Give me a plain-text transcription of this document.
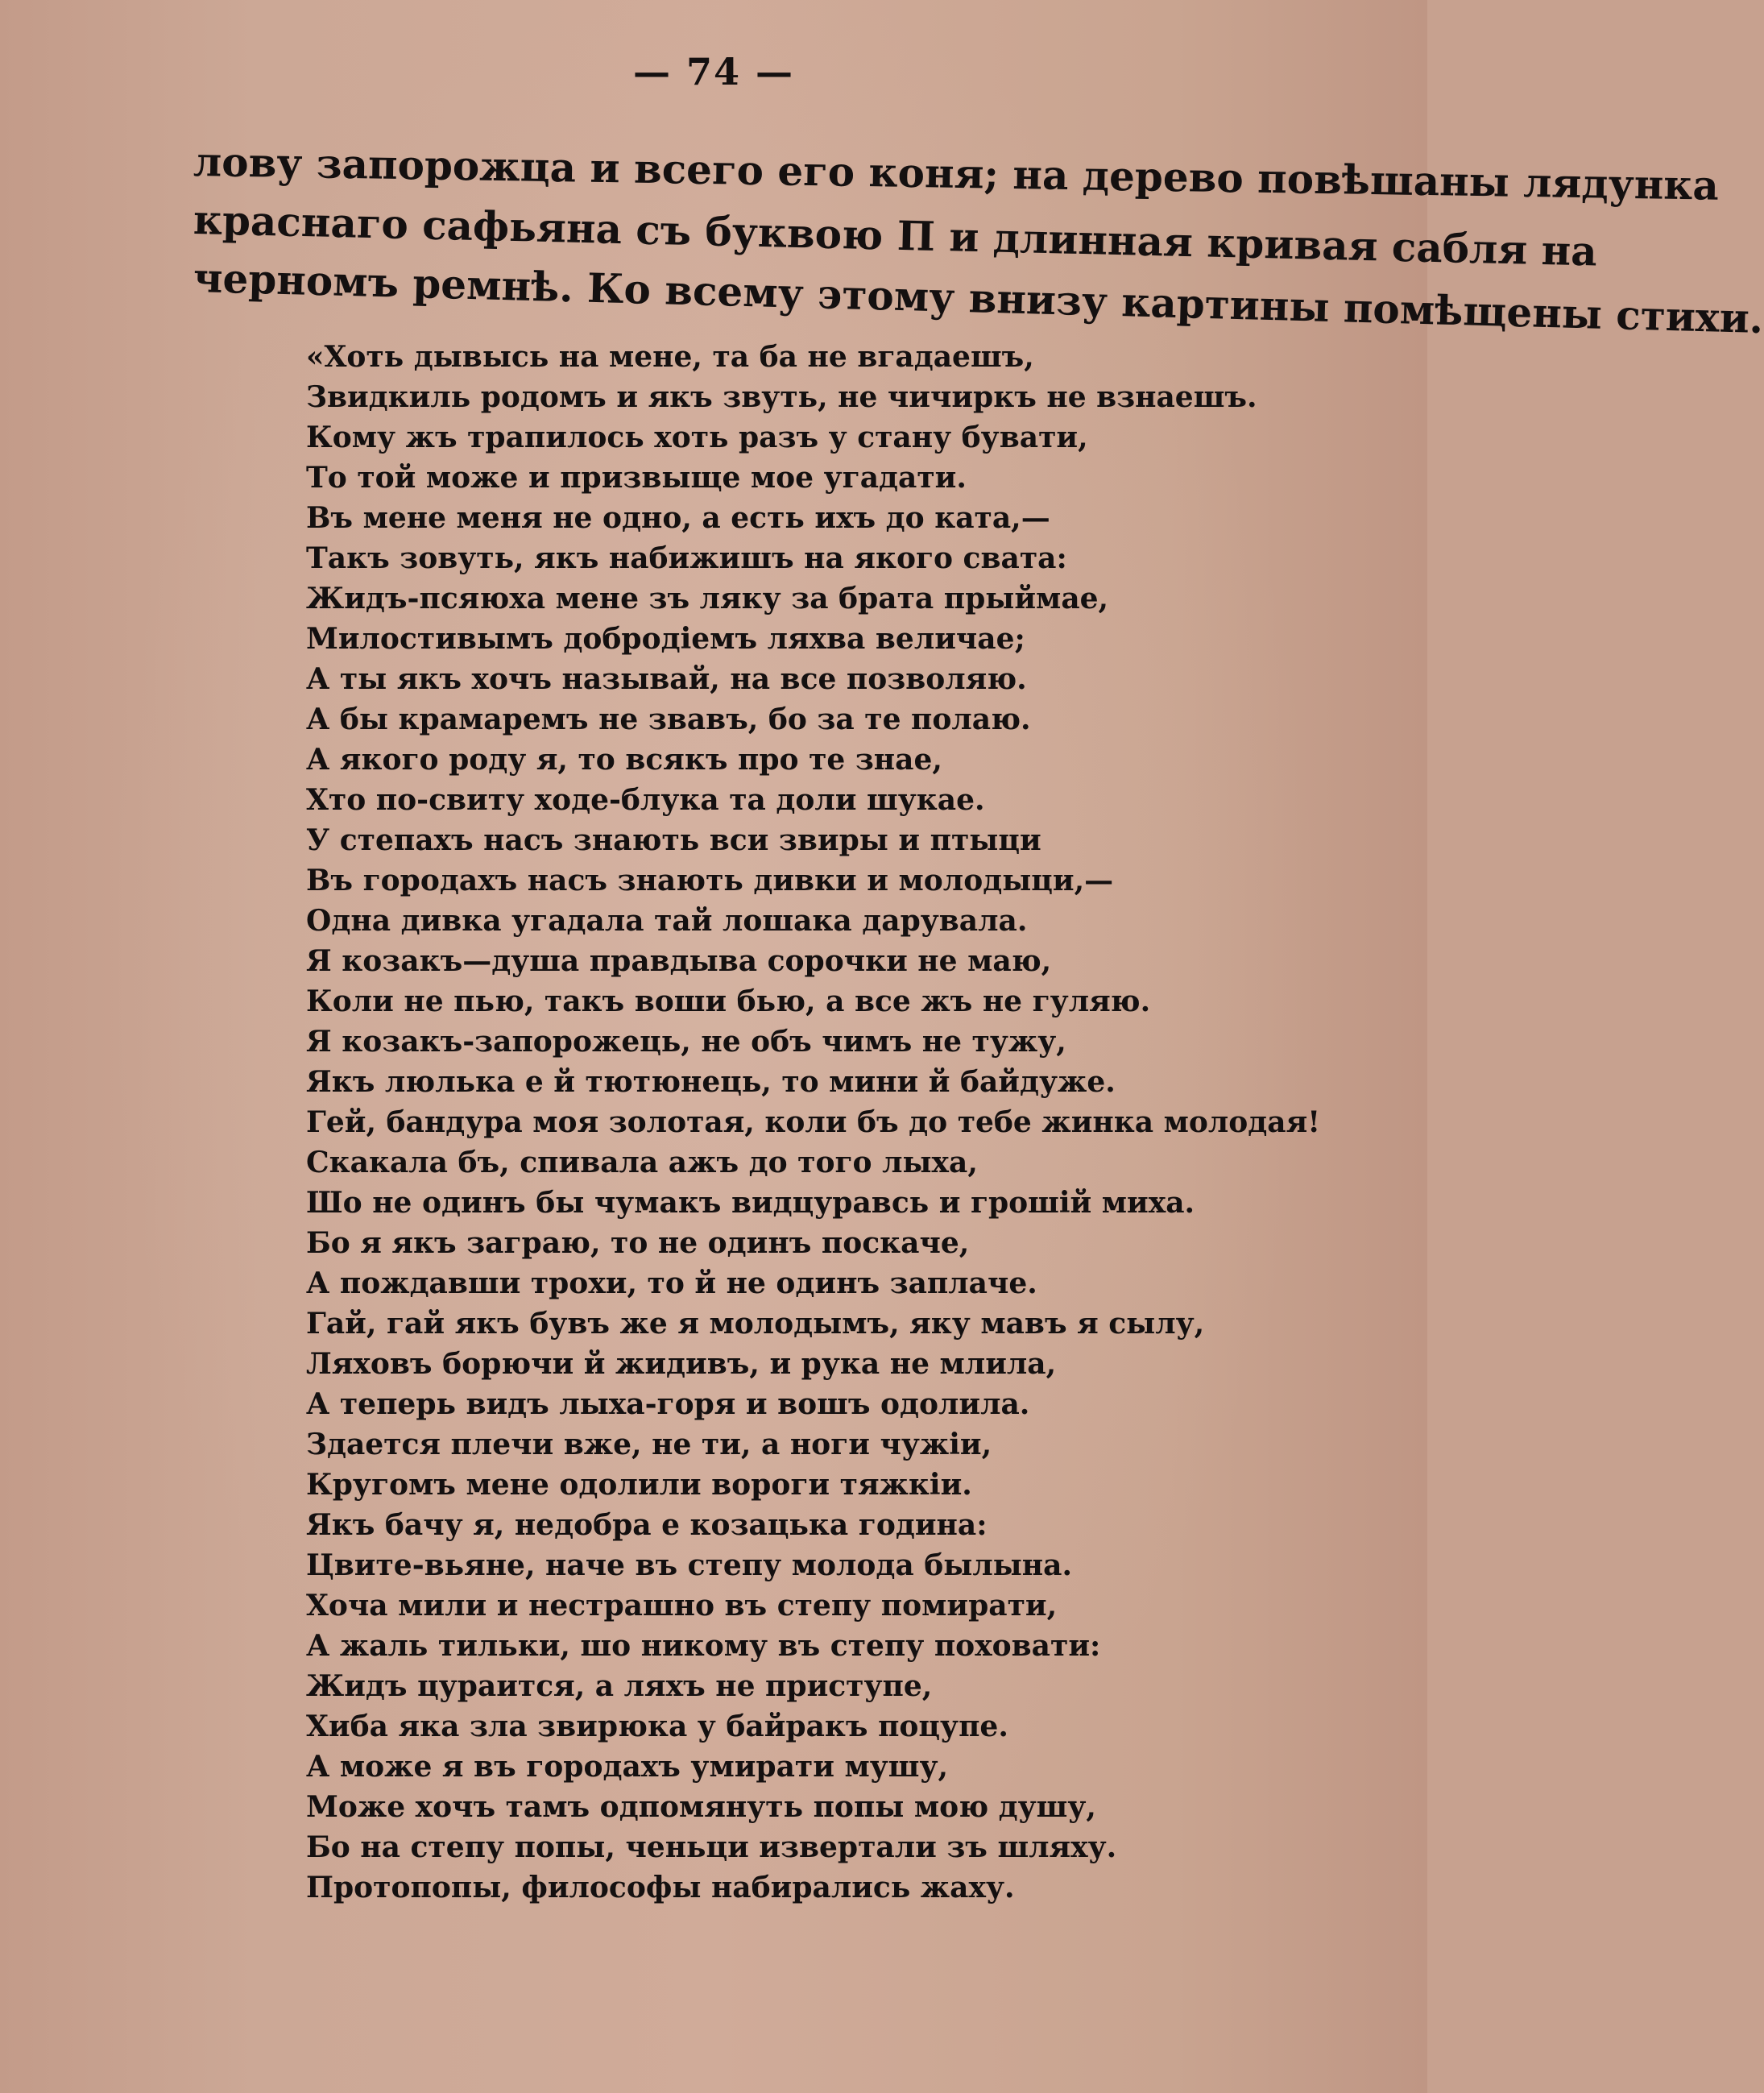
— 74 —
лову запорожца и всего его коня; на дерево повѣшаны лядунка
краснаго сафьяна съ буквою П и длинная кривая сабля на
черномъ ремнѣ. Ко всему этому внизу картины помѣщены стихи.
«Хоть дывысь на мене, та ба не вгадаешъ,
Звидкиль родомъ и якъ звуть, не чичиркъ не взнаешъ.
Кому жъ трапилось хоть разъ у стану бувати,
То той може и призвыще мое угадати.
Въ мене меня не одно, а есть ихъ до ката,—
Такъ зовуть, якъ набижишъ на якого свата:
Жидъ-псяюха мене зъ ляку за брата прыймае,
Милостивымъ добродiемъ ляхва величае;
А ты якъ хочъ называй, на все позволяю.
А бы крамаремъ не звавъ, бо за те полаю.
А якого роду я, то всякъ про те знае,
Хто по-свиту ходе-блука та доли шукае.
У степахъ насъ знають вси звиры и птыци
Въ городахъ насъ знають дивки и молодыци,—
Одна дивка угадала тай лошака дарувала.
Я козакъ—душа правдыва сорочки не маю,
Коли не пью, такъ воши бью, а все жъ не гуляю.
Я козакъ-запорожець, не объ чимъ не тужу,
Якъ люлька е й тютюнець, то мини й байдуже.
Гей, бандура моя золотая, коли бъ до тебе жинка молодая!
Скакала бъ, спивала ажъ до того лыха,
Шо не одинъ бы чумакъ видцуравсь и грошiй миха.
Бо я якъ заграю, то не одинъ поскаче,
А пождавши трохи, то й не одинъ заплаче.
Гай, гай якъ бувъ же я молодымъ, яку мавъ я сылу,
Ляховъ борючи й жидивъ, и рука не млила,
А теперь видъ лыха-горя и вошъ одолила.
Здается плечи вже, не ти, а ноги чужiи,
Кругомъ мене одолили вороги тяжкiи.
Якъ бачу я, недобра е козацька година:
Цвите-вьяне, наче въ степу молода былына.
Хоча мили и нестрашно въ степу помирати,
А жаль тильки, шо никому въ степу поховати:
Жидъ цураится, а ляхъ не приступе,
Хиба яка зла звирюка у байракъ поцупе.
А може я въ городахъ умирати мушу,
Може хочъ тамъ одпомянуть попы мою душу,
Бо на степу попы, ченьци извертали зъ шляху.
Протопопы, философы набирались жаху.
